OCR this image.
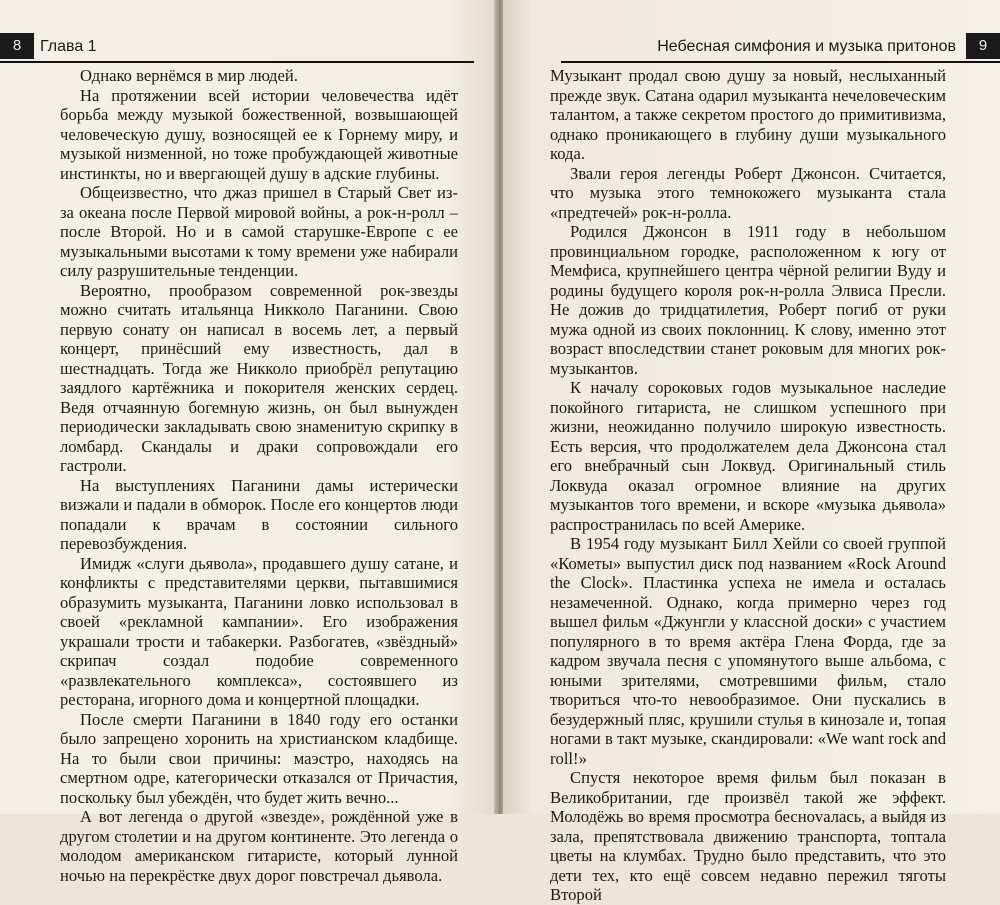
8	Глава 1

Однако вернёмся в мир людей.

На протяжении всей истории человечества идёт борьба между музыкой божественной, возвышающей человеческую душу, возносящей ее к Горнему миру, и музыкой низменной, но тоже пробуждающей животные инстинкты, но и ввергающей душу в адские глубины.

Общеизвестно, что джаз пришел в Старый Свет из-за океана после Первой мировой войны, а рок-н-ролл – после Второй. Но и в самой старушке-Европе с ее музыкальными высотами к тому времени уже набирали силу разрушительные тенденции.

Вероятно, прообразом современной рок-звезды можно считать итальянца Никколо Паганини. Свою первую сонату он написал в восемь лет, а первый концерт, принёсший ему известность, дал в шестнадцать. Тогда же Никколо приобрёл репутацию заядлого картёжника и покорителя женских сердец. Ведя отчаянную богемную жизнь, он был вынужден периодически закладывать свою знаменитую скрипку в ломбард. Скандалы и драки сопровождали его гастроли.

На выступлениях Паганини дамы истерически визжали и падали в обморок. После его концертов люди попадали к врачам в состоянии сильного перевозбуждения.

Имидж «слуги дьявола», продавшего душу сатане, и конфликты с представителями церкви, пытавшимися образумить музыканта, Паганини ловко использовал в своей «рекламной кампании». Его изображения украшали трости и табакерки. Разбогатев, «звёздный» скрипач создал подобие современного «развлекательного комплекса», состоявшего из ресторана, игорного дома и концертной площадки.

После смерти Паганини в 1840 году его останки было запрещено хоронить на христианском кладбище. На то были свои причины: маэстро, находясь на смертном одре, категорически отказался от Причастия, поскольку был убеждён, что будет жить вечно...

А вот легенда о другой «звезде», рождённой уже в другом столетии и на другом континенте. Это легенда о молодом американском гитаристе, который лунной ночью на перекрёстке двух дорог повстречал дьявола.

Небесная симфония и музыка притонов	9

Музыкант продал свою душу за новый, неслыханный прежде звук. Сатана одарил музыканта нечеловеческим талантом, а также секретом простого до примитивизма, однако проникающего в глубину души музыкального кода.

Звали героя легенды Роберт Джонсон. Считается, что музыка этого темнокожего музыканта стала «предтечей» рок-н-ролла.

Родился Джонсон в 1911 году в небольшом провинциальном городке, расположенном к югу от Мемфиса, крупнейшего центра чёрной религии Вуду и родины будущего короля рок-н-ролла Элвиса Пресли. Не дожив до тридцатилетия, Роберт погиб от руки мужа одной из своих поклонниц. К слову, именно этот возраст впоследствии станет роковым для многих рок-музыкантов.

К началу сороковых годов музыкальное наследие покойного гитариста, не слишком успешного при жизни, неожиданно получило широкую известность. Есть версия, что продолжателем дела Джонсона стал его внебрачный сын Локвуд. Оригинальный стиль Локвуда оказал огромное влияние на других музыкантов того времени, и вскоре «музыка дьявола» распространилась по всей Америке.

В 1954 году музыкант Билл Хейли со своей группой «Кометы» выпустил диск под названием «Rock Around the Clock». Пластинка успеха не имела и осталась незамеченной. Однако, когда примерно через год вышел фильм «Джунгли у классной доски» с участием популярного в то время актёра Глена Форда, где за кадром звучала песня с упомянутого выше альбома, с юными зрителями, смотревшими фильм, стало твориться что-то невообразимое. Они пускались в безудержный пляс, крушили стулья в кинозале и, топая ногами в такт музыке, скандировали: «We want rock and roll!»

Спустя некоторое время фильм был показан в Великобритании, где произвёл такой же эффект. Молодёжь во время просмотра беснovалась, а выйдя из зала, препятствовала движению транспорта, топтала цветы на клумбах. Трудно было представить, что это дети тех, кто ещё совсем недавно пережил тяготы Второй
